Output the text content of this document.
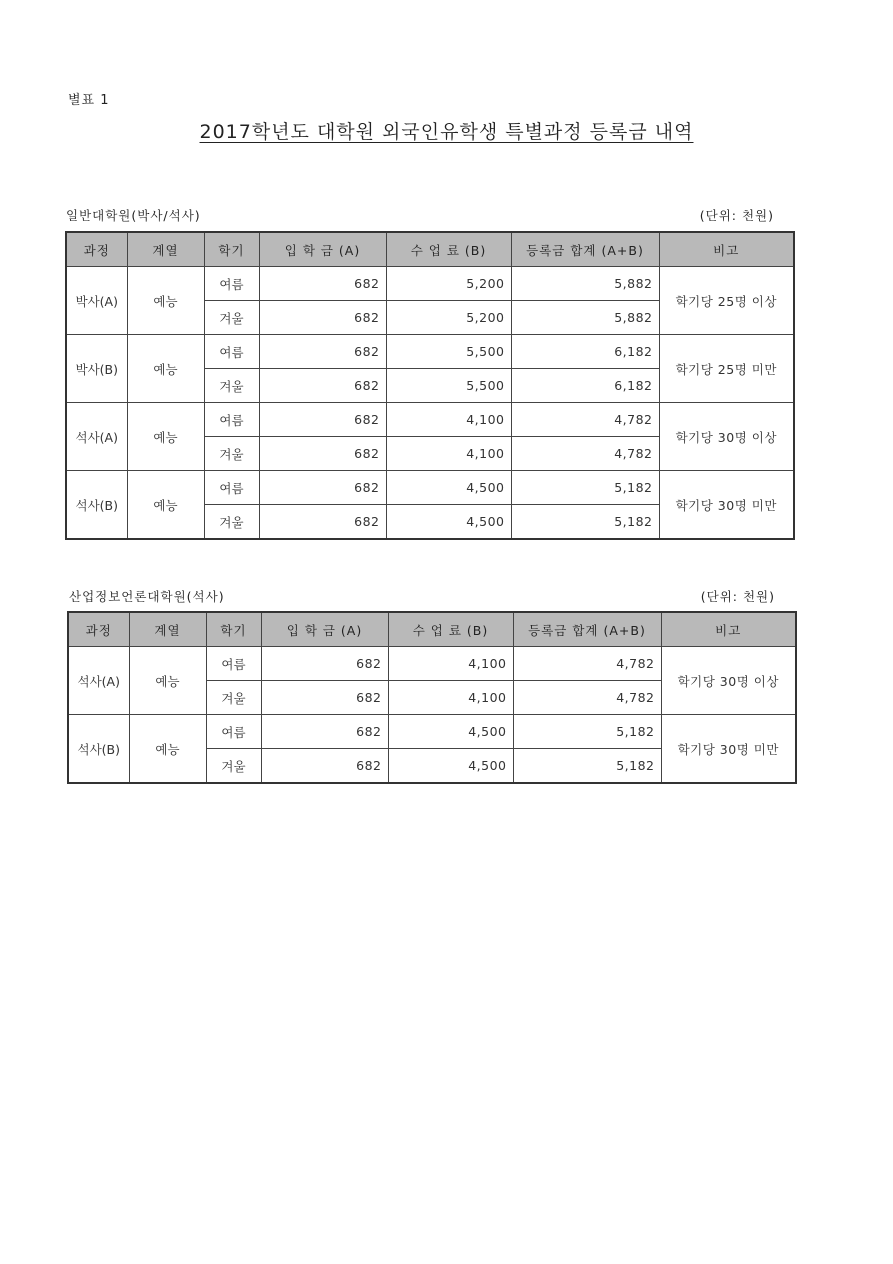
별표 1
2017학년도 대학원 외국인유학생 특별과정 등록금 내역
일반대학원(박사/석사)	(단위: 천원)
과정	계열	학기	입 학 금 (A)	수 업 료 (B)	등록금 합계 (A+B)	비고
박사(A)	예능	여름	682	5,200	5,882	학기당 25명 이상
		겨울	682	5,200	5,882	
박사(B)	예능	여름	682	5,500	6,182	학기당 25명 미만
		겨울	682	5,500	6,182	
석사(A)	예능	여름	682	4,100	4,782	학기당 30명 이상
		겨울	682	4,100	4,782	
석사(B)	예능	여름	682	4,500	5,182	학기당 30명 미만
		겨울	682	4,500	5,182	
산업정보언론대학원(석사)	(단위: 천원)
과정	계열	학기	입 학 금 (A)	수 업 료 (B)	등록금 합계 (A+B)	비고
석사(A)	예능	여름	682	4,100	4,782	학기당 30명 이상
		겨울	682	4,100	4,782	
석사(B)	예능	여름	682	4,500	5,182	학기당 30명 미만
		겨울	682	4,500	5,182	
